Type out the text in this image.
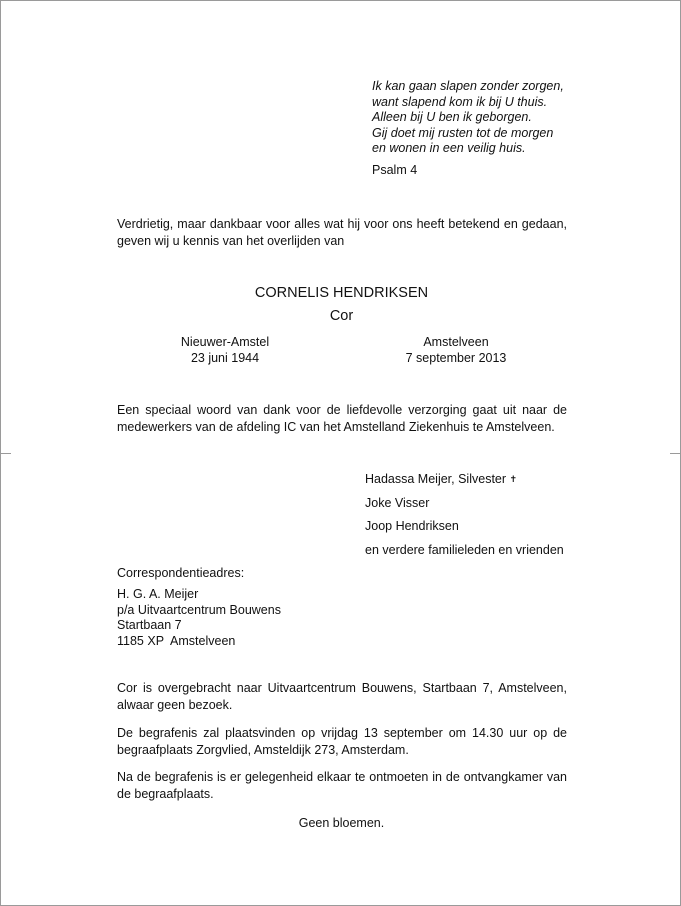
Ik kan gaan slapen zonder zorgen,
want slapend kom ik bij U thuis.
Alleen bij U ben ik geborgen.
Gij doet mij rusten tot de morgen
en wonen in een veilig huis.
Psalm 4
Verdrietig, maar dankbaar voor alles wat hij voor ons heeft betekend en gedaan, geven wij u kennis van het overlijden van
CORNELIS HENDRIKSEN
Cor
Nieuwer-Amstel
23 juni 1944
Amstelveen
7 september 2013
Een speciaal woord van dank voor de liefdevolle verzorging gaat uit naar de medewerkers van de afdeling IC van het Amstelland Ziekenhuis te Amstelveen.
Hadassa Meijer, Silvester ✝
Joke Visser
Joop Hendriksen
en verdere familieleden en vrienden
Correspondentieadres:
H. G. A. Meijer
p/a Uitvaartcentrum Bouwens
Startbaan 7
1185 XP  Amstelveen
Cor is overgebracht naar Uitvaartcentrum Bouwens, Startbaan 7, Amstelveen, alwaar geen bezoek.
De begrafenis zal plaatsvinden op vrijdag 13 september om 14.30 uur op de begraafplaats Zorgvlied, Amsteldijk 273, Amsterdam.
Na de begrafenis is er gelegenheid elkaar te ontmoeten in de ontvangkamer van de begraafplaats.
Geen bloemen.
